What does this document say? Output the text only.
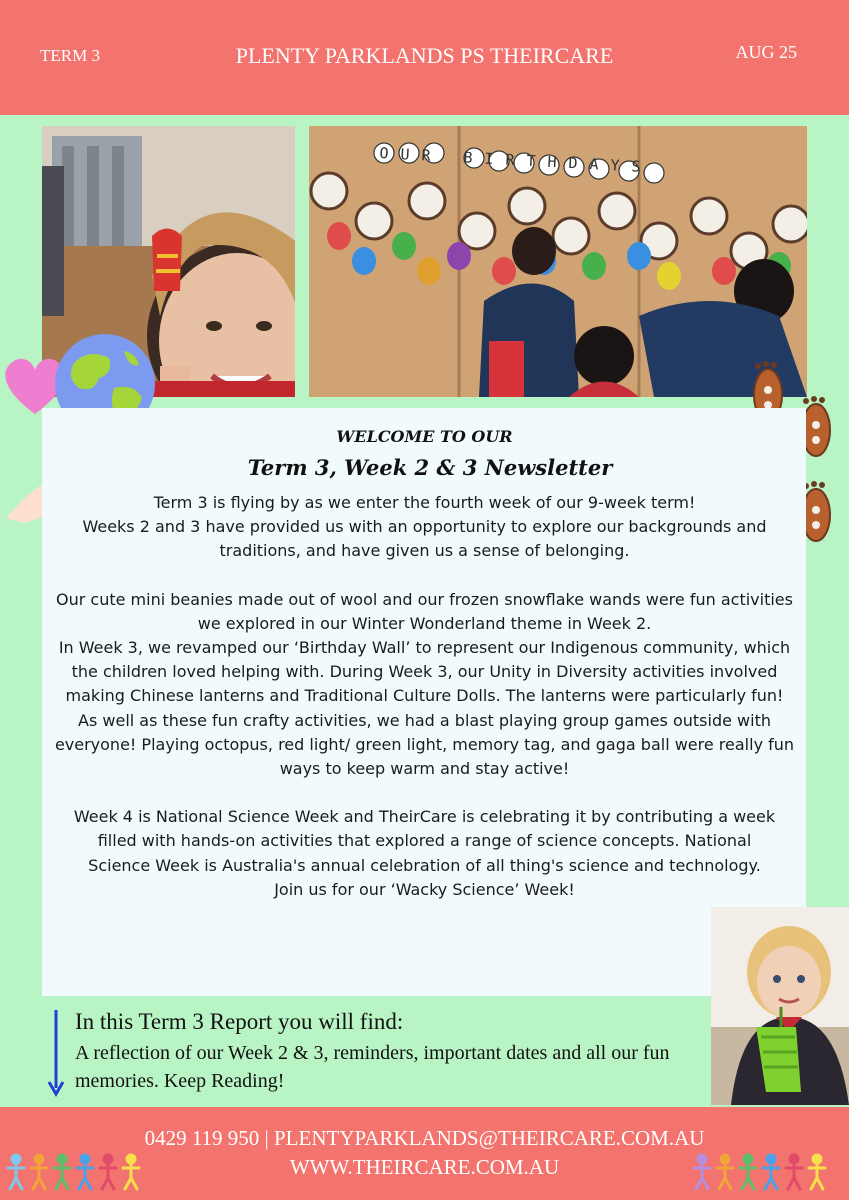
TERM 3	PLENTY PARKLANDS PS THEIRCARE	AUG 25
WELCOME TO OUR
Term 3, Week 2 & 3 Newsletter

Term 3 is flying by as we enter the fourth week of our 9-week term!
Weeks 2 and 3 have provided us with an opportunity to explore our backgrounds and traditions, and have given us a sense of belonging.

Our cute mini beanies made out of wool and our frozen snowflake wands were fun activities we explored in our Winter Wonderland theme in Week 2.
In Week 3, we revamped our ‘Birthday Wall’ to represent our Indigenous community, which the children loved helping with. During Week 3, our Unity in Diversity activities involved making Chinese lanterns and Traditional Culture Dolls. The lanterns were particularly fun!
As well as these fun crafty activities, we had a blast playing group games outside with everyone! Playing octopus, red light/ green light, memory tag, and gaga ball were really fun ways to keep warm and stay active!

Week 4 is National Science Week and TheirCare is celebrating it by contributing a week filled with hands-on activities that explored a range of science concepts. National Science Week is Australia's annual celebration of all thing's science and technology. Join us for our ‘Wacky Science’ Week!

In this Term 3 Report you will find:
A reflection of our Week 2 & 3, reminders, important dates and all our fun memories. Keep Reading!
0429 119 950 | PLENTYPARKLANDS@THEIRCARE.COM.AU
WWW.THEIRCARE.COM.AU
OUR BIRTHDAYS
